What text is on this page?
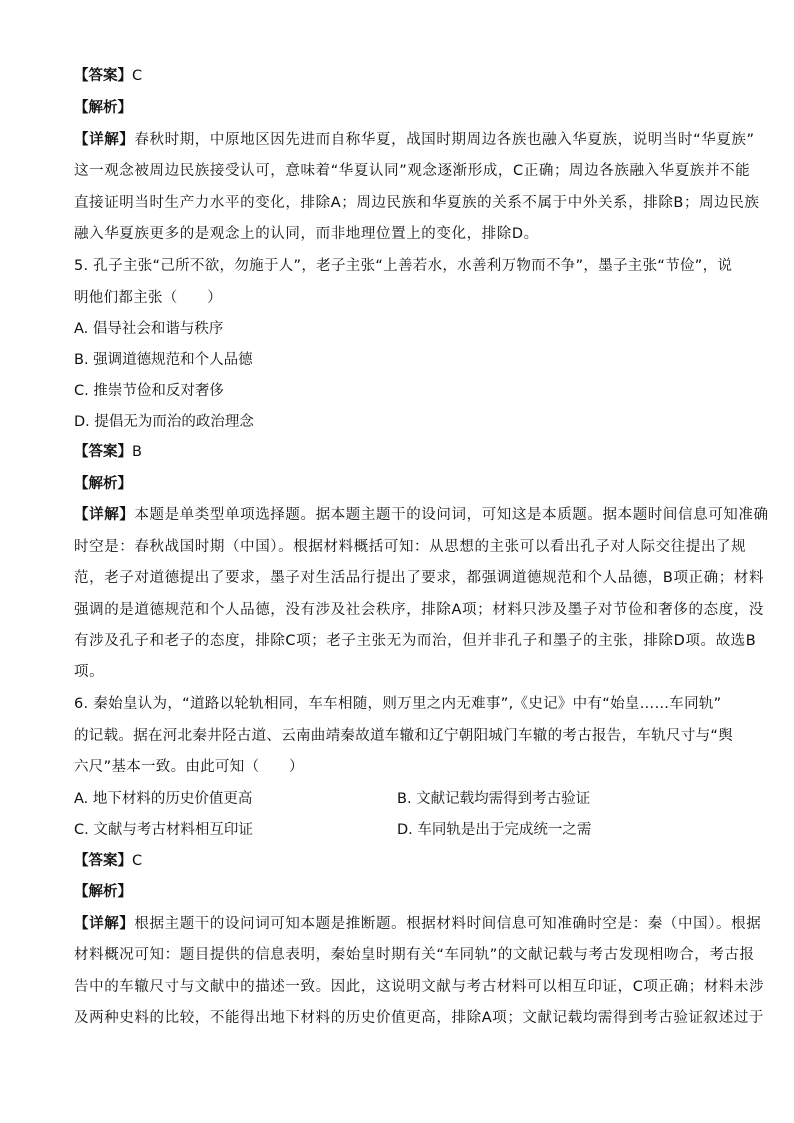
【答案】C
【解析】
【详解】春秋时期，中原地区因先进而自称华夏，战国时期周边各族也融入华夏族，说明当时“华夏族”
这一观念被周边民族接受认可，意味着“华夏认同”观念逐渐形成，C正确；周边各族融入华夏族并不能
直接证明当时生产力水平的变化，排除A；周边民族和华夏族的关系不属于中外关系，排除B；周边民族
融入华夏族更多的是观念上的认同，而非地理位置上的变化，排除D。
5. 孔子主张“己所不欲，勿施于人”，老子主张“上善若水，水善利万物而不争”，墨子主张“节俭”，说
明他们都主张（　　）
A. 倡导社会和谐与秩序
B. 强调道德规范和个人品德
C. 推崇节俭和反对奢侈
D. 提倡无为而治的政治理念
【答案】B
【解析】
【详解】本题是单类型单项选择题。据本题主题干的设问词，可知这是本质题。据本题时间信息可知准确
时空是：春秋战国时期（中国）。根据材料概括可知：从思想的主张可以看出孔子对人际交往提出了规
范，老子对道德提出了要求，墨子对生活品行提出了要求，都强调道德规范和个人品德，B项正确；材料
强调的是道德规范和个人品德，没有涉及社会秩序，排除A项；材料只涉及墨子对节俭和奢侈的态度，没
有涉及孔子和老子的态度，排除C项；老子主张无为而治，但并非孔子和墨子的主张，排除D项。故选B
项。
6. 秦始皇认为，“道路以轮轨相同，车车相随，则万里之内无难事”,《史记》中有“始皇……车同轨”
的记载。据在河北秦井陉古道、云南曲靖秦故道车辙和辽宁朝阳城门车辙的考古报告，车轨尺寸与“舆
六尺”基本一致。由此可知（　　）
A. 地下材料的历史价值更高	B. 文献记载均需得到考古验证
C. 文献与考古材料相互印证	D. 车同轨是出于完成统一之需
【答案】C
【解析】
【详解】根据主题干的设问词可知本题是推断题。根据材料时间信息可知准确时空是：秦（中国）。根据
材料概况可知：题目提供的信息表明，秦始皇时期有关“车同轨”的文献记载与考古发现相吻合，考古报
告中的车辙尺寸与文献中的描述一致。因此，这说明文献与考古材料可以相互印证，C项正确；材料未涉
及两种史料的比较，不能得出地下材料的历史价值更高，排除A项；文献记载均需得到考古验证叙述过于
